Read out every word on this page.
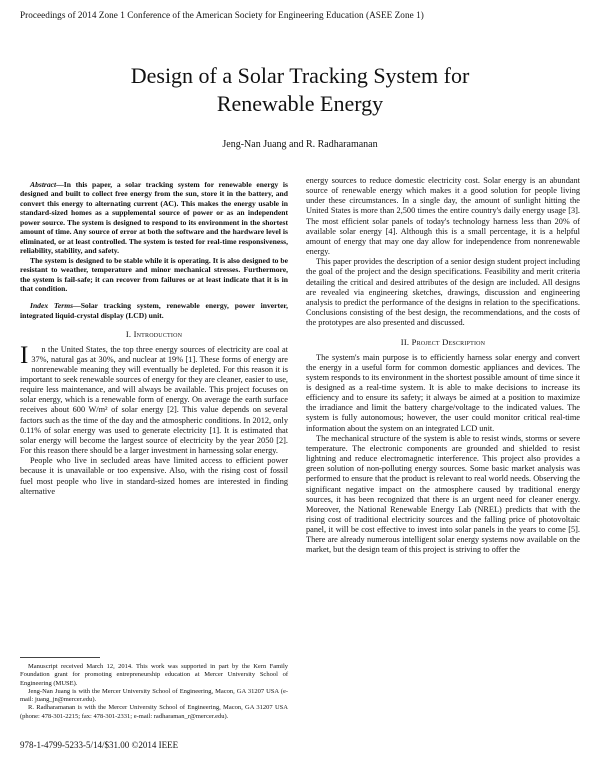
Proceedings of 2014 Zone 1 Conference of the American Society for Engineering Education (ASEE Zone 1)
Design of a Solar Tracking System for
Renewable Energy
Jeng-Nan Juang and R. Radharamanan

Abstract—In this paper, a solar tracking system for renewable energy is designed and built to collect free energy from the sun, store it in the battery, and convert this energy to alternating current (AC). This makes the energy usable in standard-sized homes as a supplemental source of power or as an independent power source. The system is designed to respond to its environment in the shortest amount of time. Any source of error at both the software and the hardware level is eliminated, or at least controlled. The system is tested for real-time responsiveness, reliability, stability, and safety.

The system is designed to be stable while it is operating. It is also designed to be resistant to weather, temperature and minor mechanical stresses. Furthermore, the system is fail-safe; it can recover from failures or at least indicate that it is in that condition.

Index Terms—Solar tracking system, renewable energy, power inverter, integrated liquid-crystal display (LCD) unit.

I. Introduction

I n the United States, the top three energy sources of electricity are coal at 37%, natural gas at 30%, and nuclear at 19% [1]. These forms of energy are nonrenewable meaning they will eventually be depleted. For this reason it is important to seek renewable sources of energy for they are cleaner, easier to use, require less maintenance, and will always be available. This project focuses on solar energy, which is a renewable form of energy. On average the earth surface receives about 600 W/m² of solar energy [2]. This value depends on several factors such as the time of the day and the atmospheric conditions. In 2012, only 0.11% of solar energy was used to generate electricity [1]. It is estimated that solar energy will become the largest source of electricity by the year 2050 [2]. For this reason there should be a larger investment in harnessing solar energy.

People who live in secluded areas have limited access to efficient power because it is unavailable or too expensive. Also, with the rising cost of fossil fuel most people who live in standard-sized homes are interested in finding alternative

Manuscript received March 12, 2014. This work was supported in part by the Kern Family Foundation grant for promoting entrepreneurship education at Mercer University School of Engineering (MUSE).

Jeng-Nan Juang is with the Mercer University School of Engineering, Macon, GA 31207 USA (e-mail: juang_jn@mercer.edu).

R. Radharamanan is with the Mercer University School of Engineering, Macon, GA 31207 USA (phone: 478-301-2215; fax: 478-301-2331; e-mail: radharaman_r@mercer.edu).

energy sources to reduce domestic electricity cost. Solar energy is an abundant source of renewable energy which makes it a good solution for people living under these circumstances. In a single day, the amount of sunlight hitting the United States is more than 2,500 times the entire country's daily energy usage [3]. The most efficient solar panels of today's technology harness less than 20% of available solar energy [4]. Although this is a small percentage, it is a helpful amount of energy that may one day allow for independence from nonrenewable energy.

This paper provides the description of a senior design student project including the goal of the project and the design specifications. Feasibility and merit criteria detailing the critical and desired attributes of the design are included. All designs are revealed via engineering sketches, drawings, discussion and engineering analysis to predict the performance of the designs in relation to the specifications. Conclusions consisting of the best design, the recommendations, and the costs of the prototypes are also presented and discussed.

II. Project Description

The system's main purpose is to efficiently harness solar energy and convert the energy in a useful form for common domestic appliances and devices. The system responds to its environment in the shortest possible amount of time since it is designed as a real-time system. It is able to make decisions to increase its efficiency and to ensure its safety; it always be aimed at a position to maximize the irradiance and limit the battery charge/voltage to the indicated values. The system is fully autonomous; however, the user could monitor critical real-time information about the system on an integrated LCD unit.

The mechanical structure of the system is able to resist winds, storms or severe temperature. The electronic components are grounded and shielded to resist lightning and reduce electromagnetic interference. This project also provides a green solution of non-polluting energy sources. Some basic market analysis was performed to ensure that the product is relevant to real world needs. Observing the significant negative impact on the atmosphere caused by traditional energy sources, it has been recognized that there is an urgent need for cleaner energy. Moreover, the National Renewable Energy Lab (NREL) predicts that with the rising cost of traditional electricity sources and the falling price of photovoltaic panel, it will be cost effective to invest into solar panels in the years to come [5]. There are already numerous intelligent solar energy systems now available on the market, but the design team of this project is striving to offer the

978-1-4799-5233-5/14/$31.00 ©2014 IEEE
